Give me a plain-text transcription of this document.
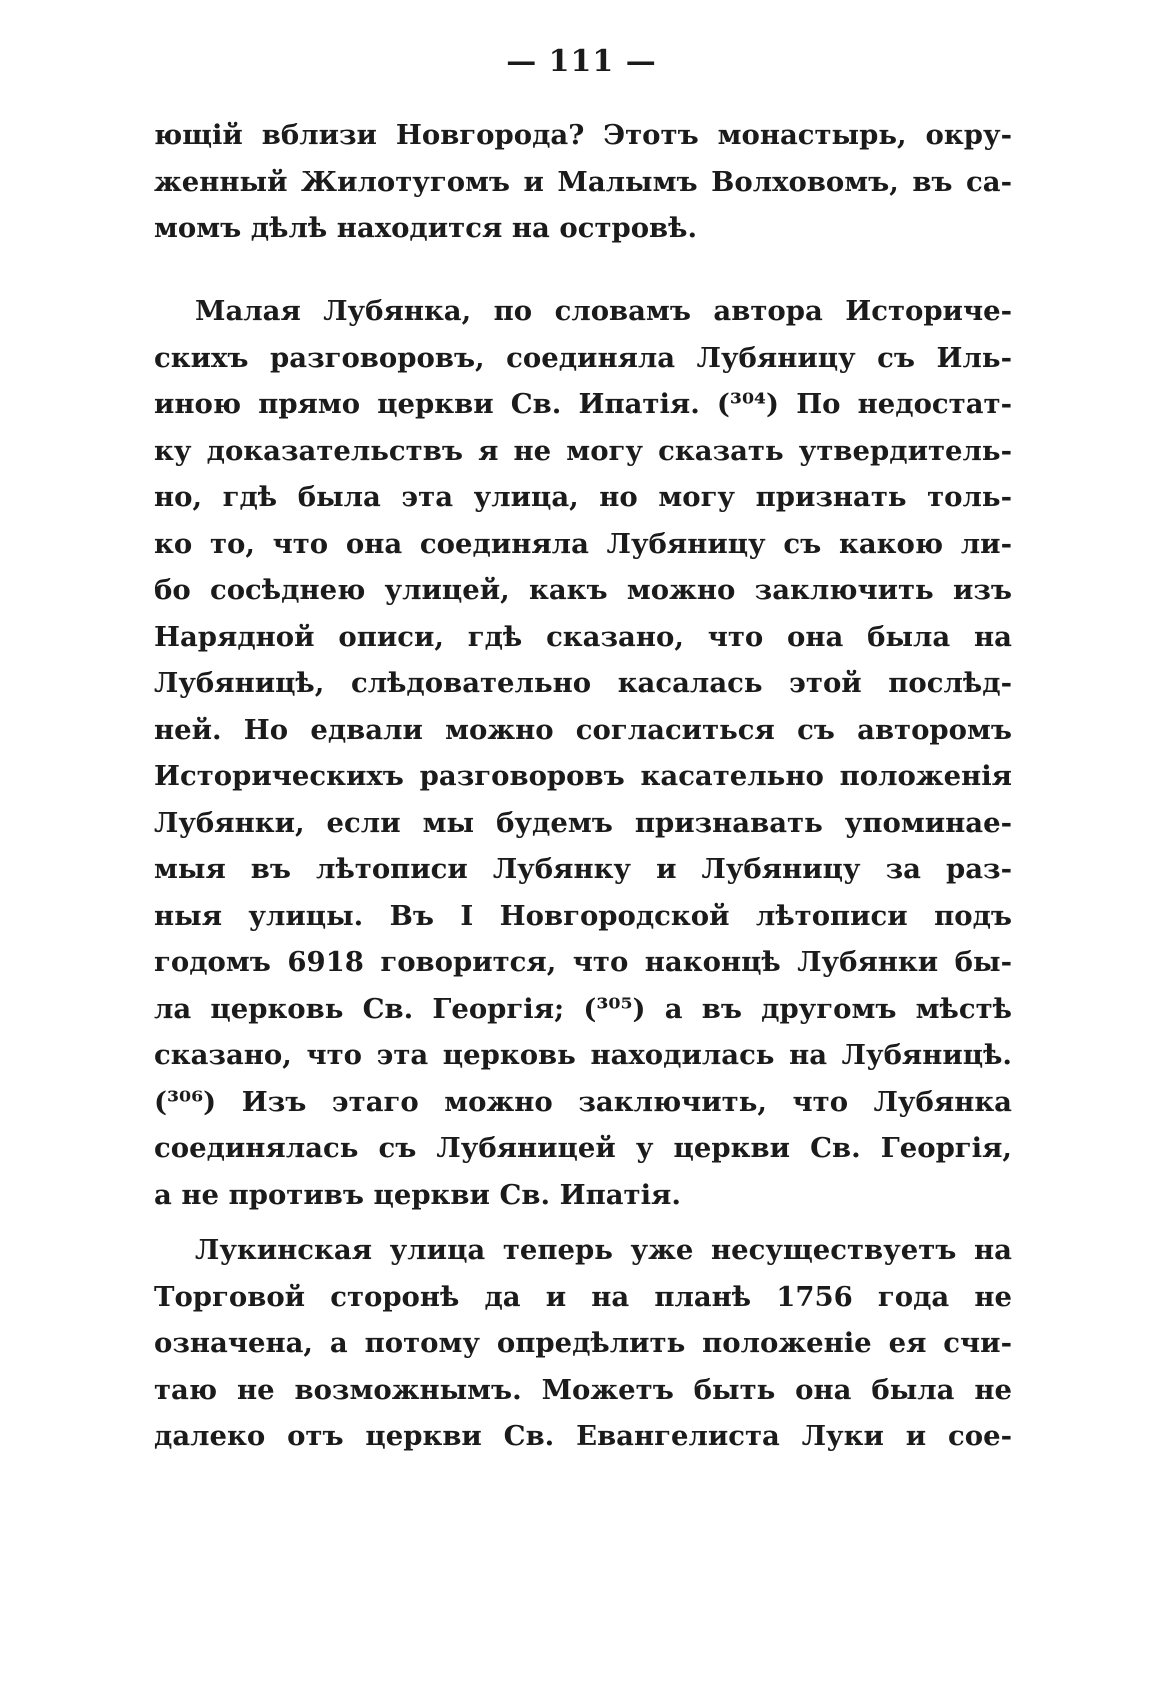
— 111 —
ющій вблизи Новгорода? Этотъ монастырь, окру-
женный Жилотугомъ и Малымъ Волховомъ, въ са-
момъ дѣлѣ находится на островѣ.
Малая Лубянка, по словамъ автора Историче-
скихъ разговоровъ, соединяла Лубяницу съ Иль-
иною прямо церкви Св. Ипатія. (³⁰⁴) По недостат-
ку доказательствъ я не могу сказать утвердитель-
но, гдѣ была эта улица, но могу признать толь-
ко то, что она соединяла Лубяницу съ какою ли-
бо сосѣднею улицей, какъ можно заключить изъ
Нарядной описи, гдѣ сказано, что она была на
Лубяницѣ, слѣдовательно касалась этой послѣд-
ней. Но едвали можно согласиться съ авторомъ
Историческихъ разговоровъ касательно положенія
Лубянки, если мы будемъ признавать упоминае-
мыя въ лѣтописи Лубянку и Лубяницу за раз-
ныя улицы. Въ I Новгородской лѣтописи подъ
годомъ 6918 говорится, что наконцѣ Лубянки бы-
ла церковь Св. Георгія; (³⁰⁵) а въ другомъ мѣстѣ
сказано, что эта церковь находилась на Лубяницѣ.
(³⁰⁶) Изъ этаго можно заключить, что Лубянка
соединялась съ Лубяницей у церкви Св. Георгія,
а не противъ церкви Св. Ипатія.
Лукинская улица теперь уже несуществуетъ на
Торговой сторонѣ да и на планѣ 1756 года не
означена, а потому опредѣлить положеніе ея счи-
таю не возможнымъ. Можетъ быть она была не
далеко отъ церкви Св. Евангелиста Луки и сое-
